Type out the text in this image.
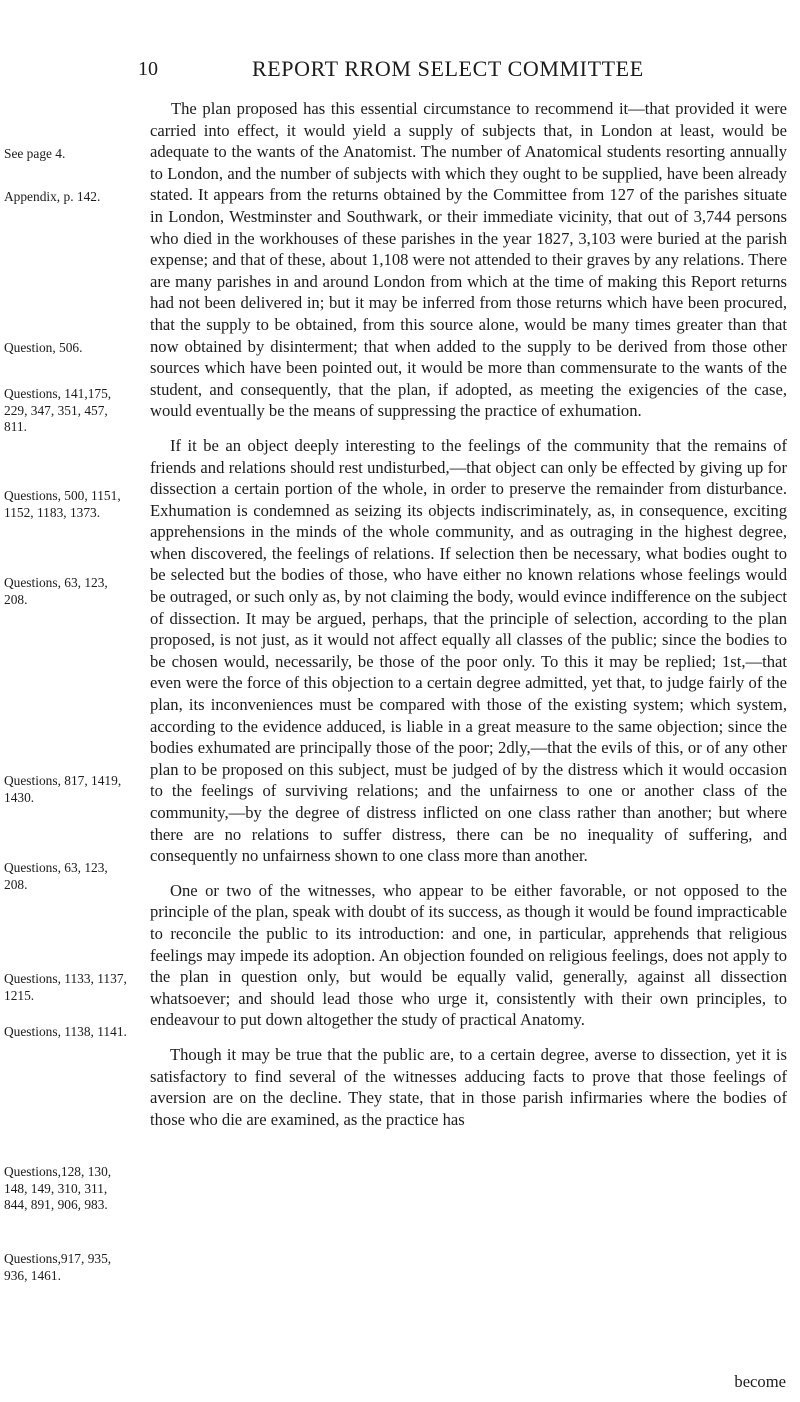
10	REPORT RROM SELECT COMMITTEE
See page 4.
Appendix, p. 142.
Question, 506.
Questions, 141,175, 229, 347, 351, 457, 811.
Questions, 500, 1151, 1152, 1183, 1373.
Questions, 63, 123, 208.
Questions, 817, 1419, 1430.
Questions, 63, 123, 208.
Questions, 1133, 1137, 1215.
Questions, 1138, 1141.
Questions,128, 130, 148, 149, 310, 311, 844, 891, 906, 983.
Questions,917, 935, 936, 1461.

The plan proposed has this essential circumstance to recommend it—that provided it were carried into effect, it would yield a supply of subjects that, in London at least, would be adequate to the wants of the Anatomist. The number of Anatomical students resorting annually to London, and the number of subjects with which they ought to be supplied, have been already stated. It appears from the returns obtained by the Committee from 127 of the parishes situate in London, Westminster and Southwark, or their immediate vicinity, that out of 3,744 persons who died in the workhouses of these parishes in the year 1827, 3,103 were buried at the parish expense; and that of these, about 1,108 were not attended to their graves by any relations. There are many parishes in and around London from which at the time of making this Report returns had not been delivered in; but it may be inferred from those returns which have been procured, that the supply to be obtained, from this source alone, would be many times greater than that now obtained by disinterment; that when added to the supply to be derived from those other sources which have been pointed out, it would be more than commensurate to the wants of the student, and consequently, that the plan, if adopted, as meeting the exigencies of the case, would eventually be the means of suppressing the practice of exhumation.

If it be an object deeply interesting to the feelings of the community that the remains of friends and relations should rest undisturbed,—that object can only be effected by giving up for dissection a certain portion of the whole, in order to preserve the remainder from disturbance. Exhumation is condemned as seizing its objects indiscriminately, as, in consequence, exciting apprehensions in the minds of the whole community, and as outraging in the highest degree, when discovered, the feelings of relations. If selection then be necessary, what bodies ought to be selected but the bodies of those, who have either no known relations whose feelings would be outraged, or such only as, by not claiming the body, would evince indifference on the subject of dissection. It may be argued, perhaps, that the principle of selection, according to the plan proposed, is not just, as it would not affect equally all classes of the public; since the bodies to be chosen would, necessarily, be those of the poor only. To this it may be replied; 1st,—that even were the force of this objection to a certain degree admitted, yet that, to judge fairly of the plan, its inconveniences must be compared with those of the existing system; which system, according to the evidence adduced, is liable in a great measure to the same objection; since the bodies exhumated are principally those of the poor; 2dly,—that the evils of this, or of any other plan to be proposed on this subject, must be judged of by the distress which it would occasion to the feelings of surviving relations; and the unfairness to one or another class of the community,—by the degree of distress inflicted on one class rather than another; but where there are no relations to suffer distress, there can be no inequality of suffering, and consequently no unfairness shown to one class more than another.

One or two of the witnesses, who appear to be either favorable, or not opposed to the principle of the plan, speak with doubt of its success, as though it would be found impracticable to reconcile the public to its introduction: and one, in particular, apprehends that religious feelings may impede its adoption. An objection founded on religious feelings, does not apply to the plan in question only, but would be equally valid, generally, against all dissection whatsoever; and should lead those who urge it, consistently with their own principles, to endeavour to put down altogether the study of practical Anatomy.

Though it may be true that the public are, to a certain degree, averse to dissection, yet it is satisfactory to find several of the witnesses adducing facts to prove that those feelings of aversion are on the decline. They state, that in those parish infirmaries where the bodies of those who die are examined, as the practice has

become
